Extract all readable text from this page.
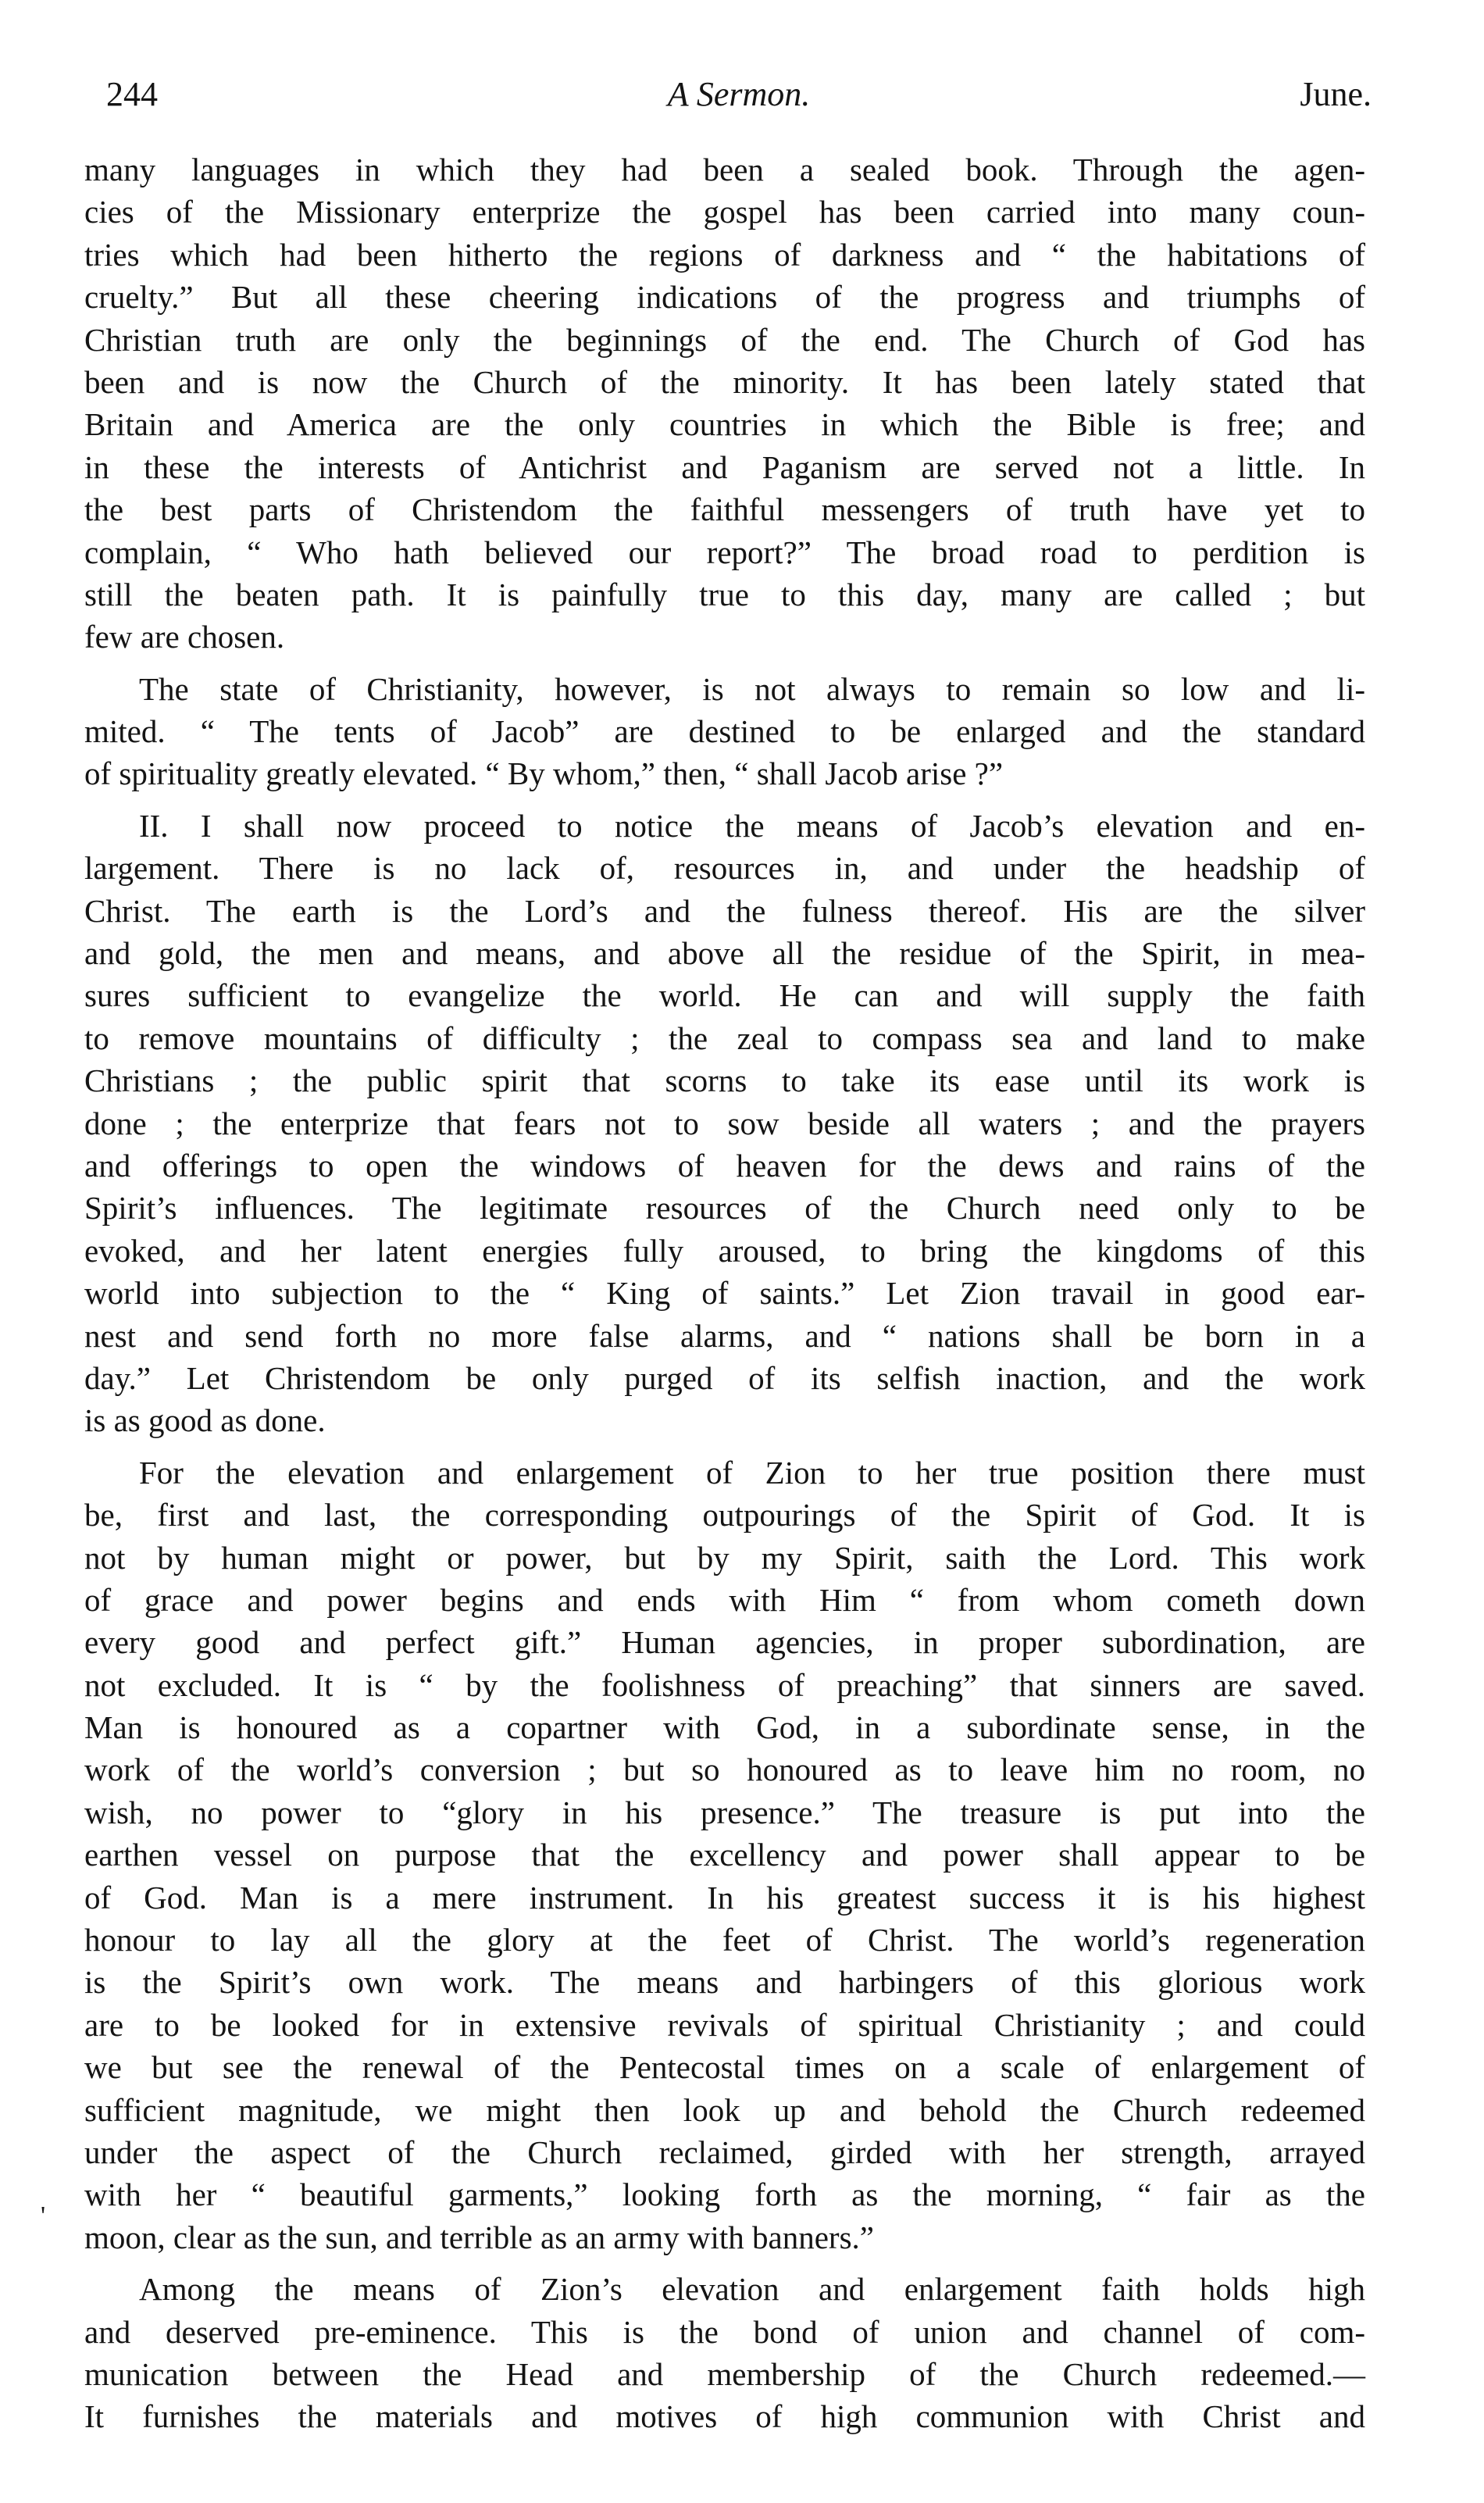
244	A Sermon.	June.
'
many languages in which they had been a sealed book. Through the agen-
cies of the Missionary enterprize the gospel has been carried into many coun-
tries which had been hitherto the regions of darkness and “ the habitations of
cruelty.” But all these cheering indications of the progress and triumphs of
Christian truth are only the beginnings of the end. The Church of God has
been and is now the Church of the minority. It has been lately stated that
Britain and America are the only countries in which the Bible is free; and
in these the interests of Antichrist and Paganism are served not a little. In
the best parts of Christendom the faithful messengers of truth have yet to
complain, “ Who hath believed our report?” The broad road to perdition is
still the beaten path. It is painfully true to this day, many are called ; but
few are chosen.
The state of Christianity, however, is not always to remain so low and li-
mited. “ The tents of Jacob” are destined to be enlarged and the standard
of spirituality greatly elevated. “ By whom,” then, “ shall Jacob arise ?”
II. I shall now proceed to notice the means of Jacob’s elevation and en-
largement. There is no lack of, resources in, and under the headship of
Christ. The earth is the Lord’s and the fulness thereof. His are the silver
and gold, the men and means, and above all the residue of the Spirit, in mea-
sures sufficient to evangelize the world. He can and will supply the faith
to remove mountains of difficulty ; the zeal to compass sea and land to make
Christians ; the public spirit that scorns to take its ease until its work is
done ; the enterprize that fears not to sow beside all waters ; and the prayers
and offerings to open the windows of heaven for the dews and rains of the
Spirit’s influences. The legitimate resources of the Church need only to be
evoked, and her latent energies fully aroused, to bring the kingdoms of this
world into subjection to the “ King of saints.” Let Zion travail in good ear-
nest and send forth no more false alarms, and “ nations shall be born in a
day.” Let Christendom be only purged of its selfish inaction, and the work
is as good as done.
For the elevation and enlargement of Zion to her true position there must
be, first and last, the corresponding outpourings of the Spirit of God. It is
not by human might or power, but by my Spirit, saith the Lord. This work
of grace and power begins and ends with Him “ from whom cometh down
every good and perfect gift.” Human agencies, in proper subordination, are
not excluded. It is “ by the foolishness of preaching” that sinners are saved.
Man is honoured as a copartner with God, in a subordinate sense, in the
work of the world’s conversion ; but so honoured as to leave him no room, no
wish, no power to “glory in his presence.” The treasure is put into the
earthen vessel on purpose that the excellency and power shall appear to be
of God. Man is a mere instrument. In his greatest success it is his highest
honour to lay all the glory at the feet of Christ. The world’s regeneration
is the Spirit’s own work. The means and harbingers of this glorious work
are to be looked for in extensive revivals of spiritual Christianity ; and could
we but see the renewal of the Pentecostal times on a scale of enlargement of
sufficient magnitude, we might then look up and behold the Church redeemed
under the aspect of the Church reclaimed, girded with her strength, arrayed
with her “ beautiful garments,” looking forth as the morning, “ fair as the
moon, clear as the sun, and terrible as an army with banners.”
Among the means of Zion’s elevation and enlargement faith holds high
and deserved pre-eminence. This is the bond of union and channel of com-
munication between the Head and membership of the Church redeemed.—
It furnishes the materials and motives of high communion with Christ and
